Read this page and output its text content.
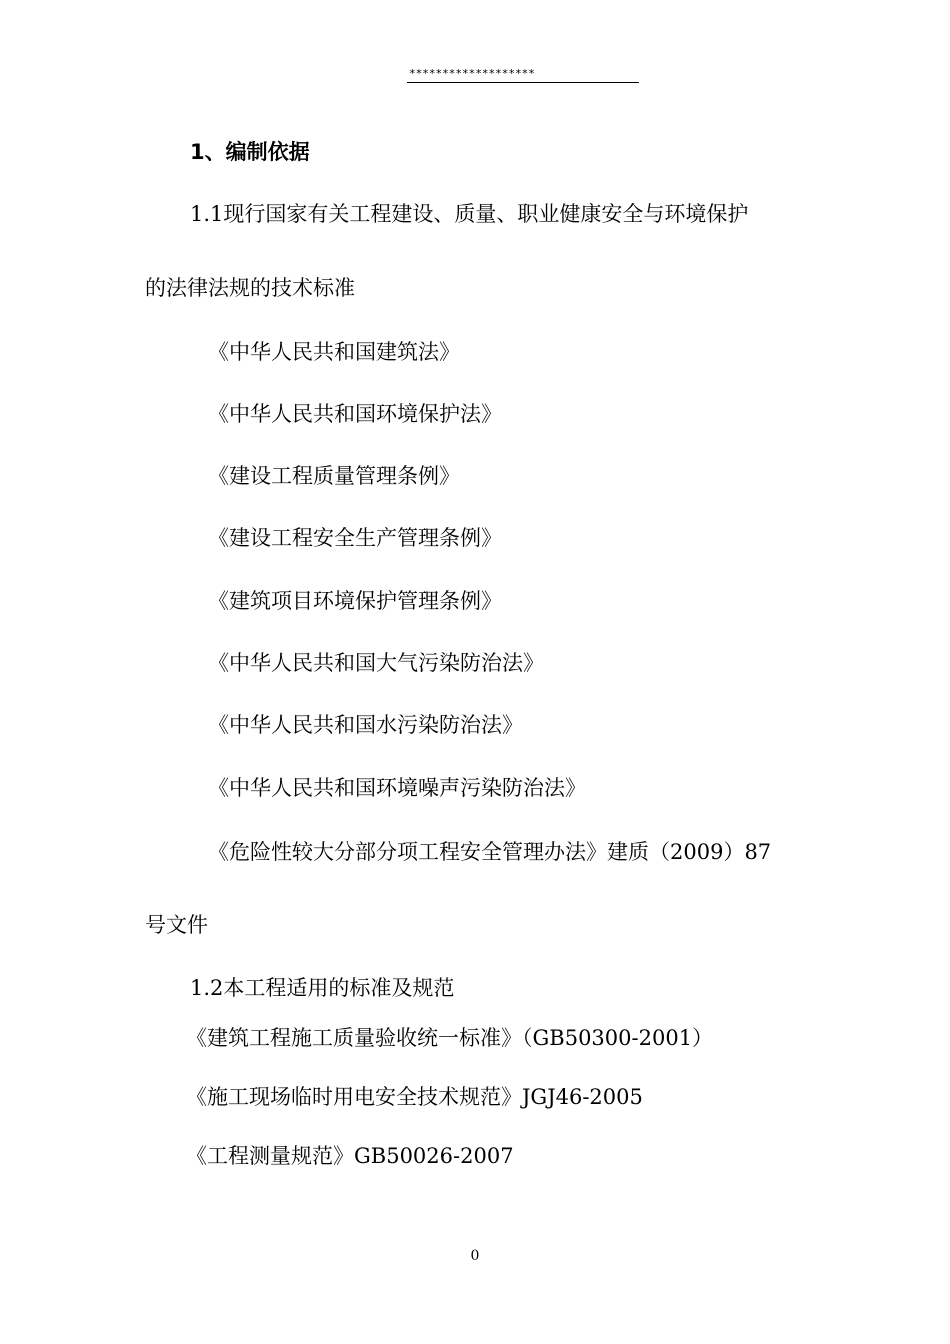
*******************
1、编制依据
1.1现行国家有关工程建设、质量、职业健康安全与环境保护
的法律法规的技术标准
《中华人民共和国建筑法》
《中华人民共和国环境保护法》
《建设工程质量管理条例》
《建设工程安全生产管理条例》
《建筑项目环境保护管理条例》
《中华人民共和国大气污染防治法》
《中华人民共和国水污染防治法》
《中华人民共和国环境噪声污染防治法》
《危险性较大分部分项工程安全管理办法》建质（2009）87
号文件
1.2本工程适用的标准及规范
《建筑工程施工质量验收统一标准》（GB50300-2001）
《施工现场临时用电安全技术规范》JGJ46-2005
《工程测量规范》GB50026-2007
0
